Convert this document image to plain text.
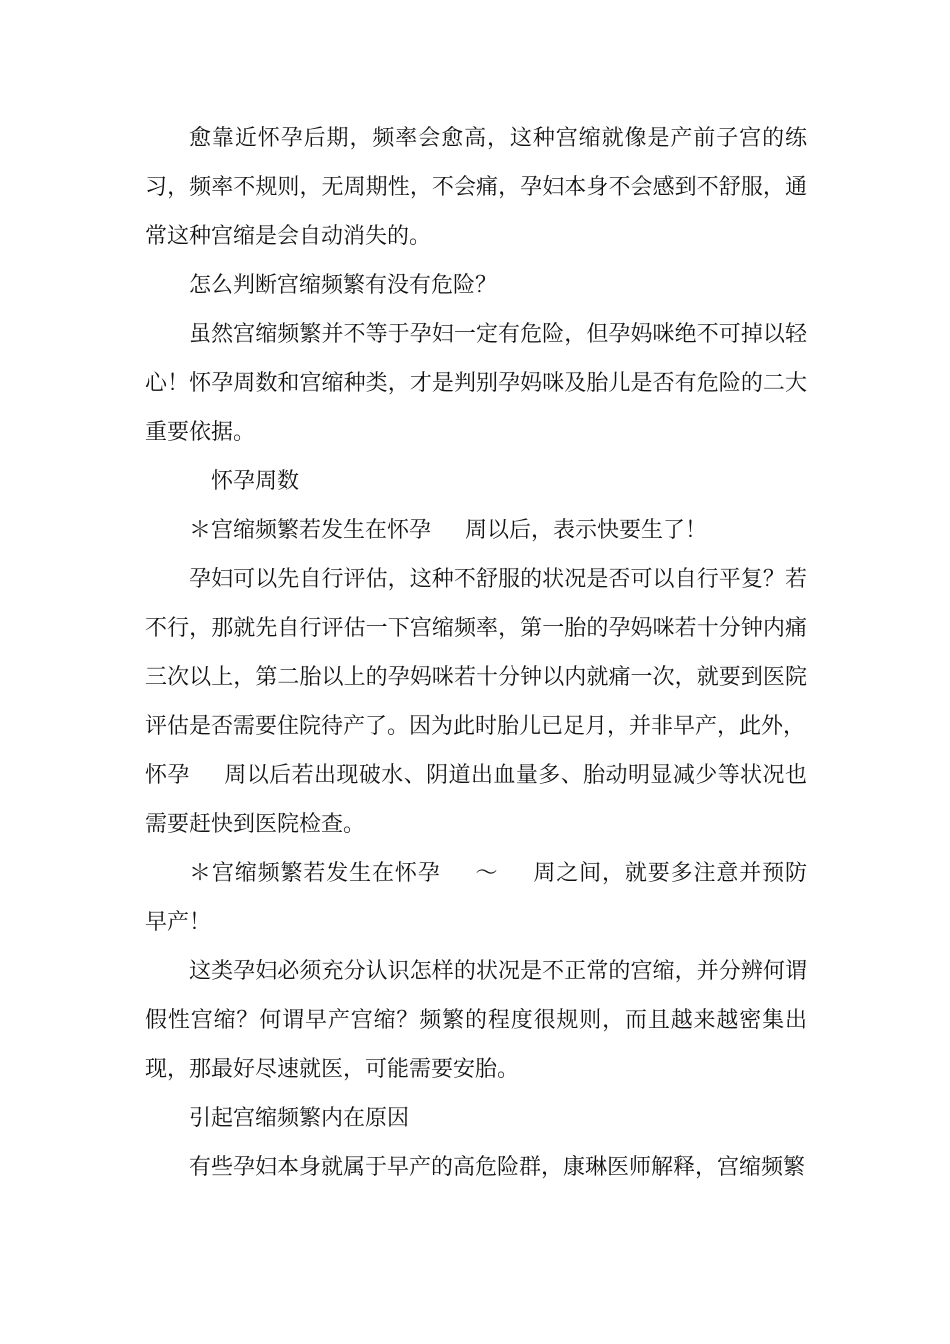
愈靠近怀孕后期，频率会愈高，这种宫缩就像是产前子宫的练习，频率不规则，无周期性，不会痛，孕妇本身不会感到不舒服，通常这种宫缩是会自动消失的。

怎么判断宫缩频繁有没有危险？

虽然宫缩频繁并不等于孕妇一定有危险，但孕妈咪绝不可掉以轻心！怀孕周数和宫缩种类，才是判别孕妈咪及胎儿是否有危险的二大重要依据。

怀孕周数

＊宫缩频繁若发生在怀孕 周以后，表示快要生了！

孕妇可以先自行评估，这种不舒服的状况是否可以自行平复？若不行，那就先自行评估一下宫缩频率，第一胎的孕妈咪若十分钟内痛三次以上，第二胎以上的孕妈咪若十分钟以内就痛一次，就要到医院评估是否需要住院待产了。因为此时胎儿已足月，并非早产，此外，

怀孕 周以后若出现破水、阴道出血量多、胎动明显减少等状况也需要赶快到医院检查。

＊宫缩频繁若发生在怀孕 ～ 周之间，就要多注意并预防早产！

这类孕妇必须充分认识怎样的状况是不正常的宫缩，并分辨何谓假性宫缩？何谓早产宫缩？频繁的程度很规则，而且越来越密集出现，那最好尽速就医，可能需要安胎。

引起宫缩频繁内在原因

有些孕妇本身就属于早产的高危险群，康琳医师解释，宫缩频繁
